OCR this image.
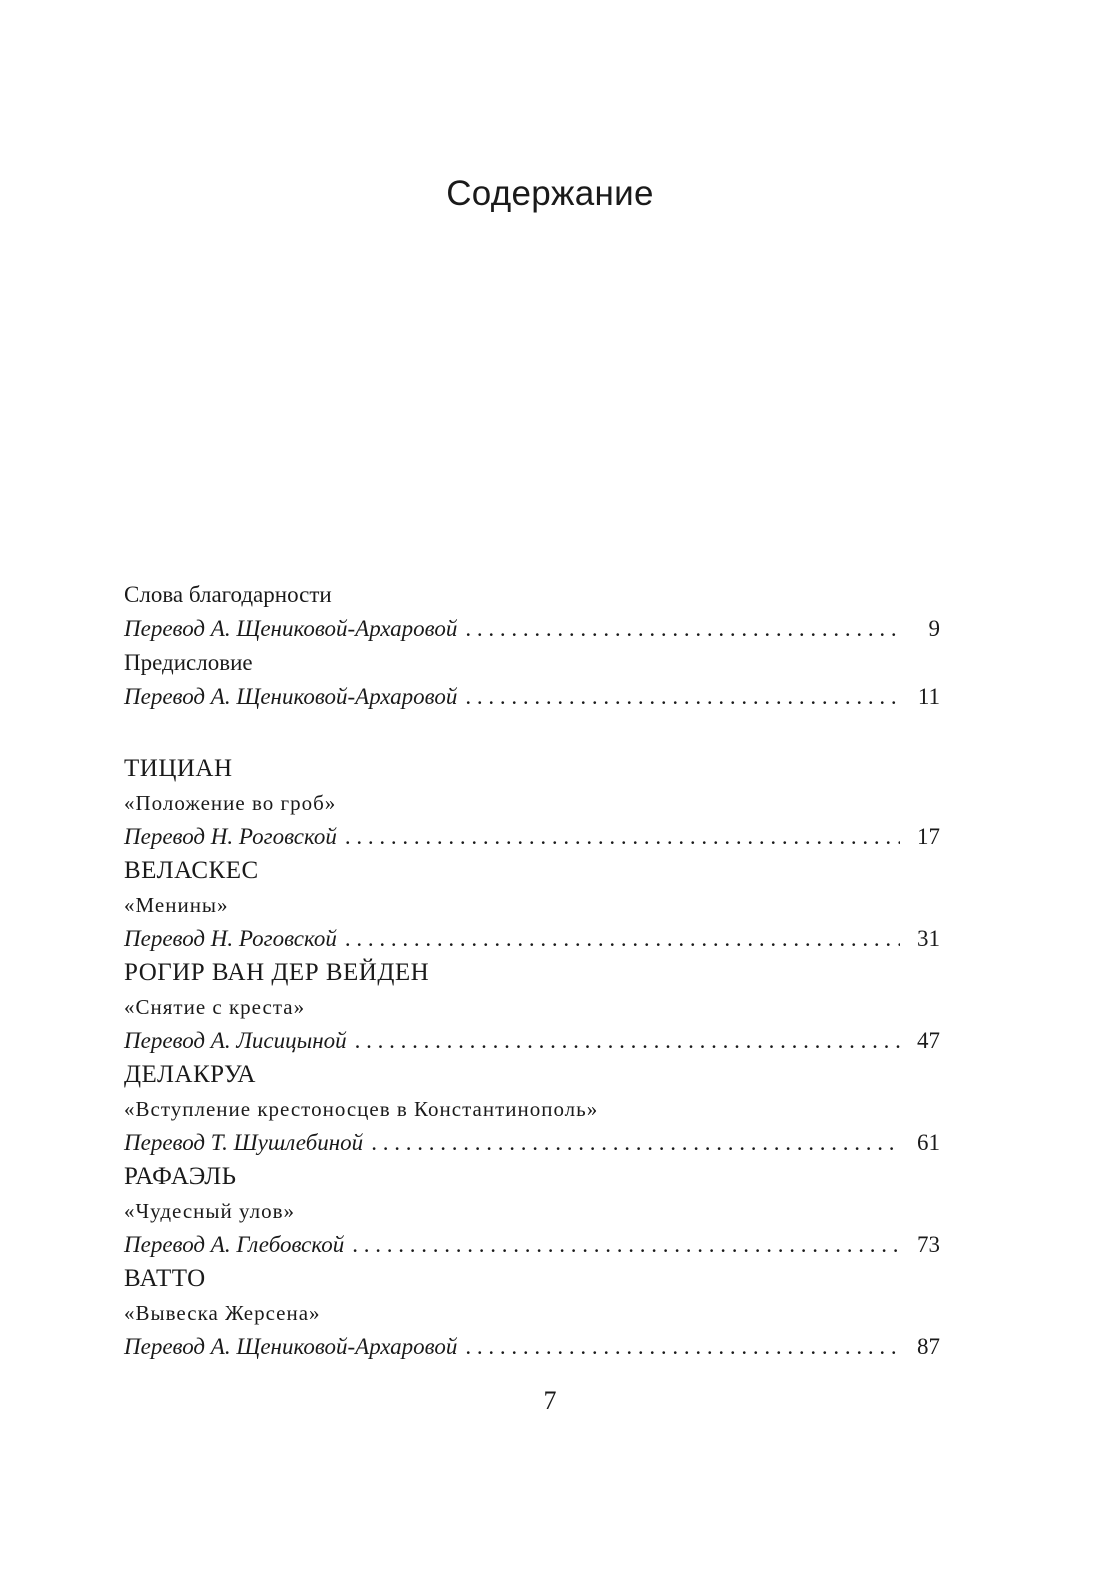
Содержание
Слова благодарности
Перевод А. Щениковой-Архаровой . . .	9
Предисловие
Перевод А. Щениковой-Архаровой . . .	11
ТИЦИАН
«Положение во гроб»
Перевод Н. Роговской . . .	17
ВЕЛАСКЕС
«Менины»
Перевод Н. Роговской . . .	31
РОГИР ВАН ДЕР ВЕЙДЕН
«Снятие с креста»
Перевод А. Лисицыной . . .	47
ДЕЛАКРУА
«Вступление крестоносцев в Константинополь»
Перевод Т. Шушлебиной . . .	61
РАФАЭЛЬ
«Чудесный улов»
Перевод А. Глебовской . . .	73
ВАТТО
«Вывеска Жерсена»
Перевод А. Щениковой-Архаровой . . .	87
7
